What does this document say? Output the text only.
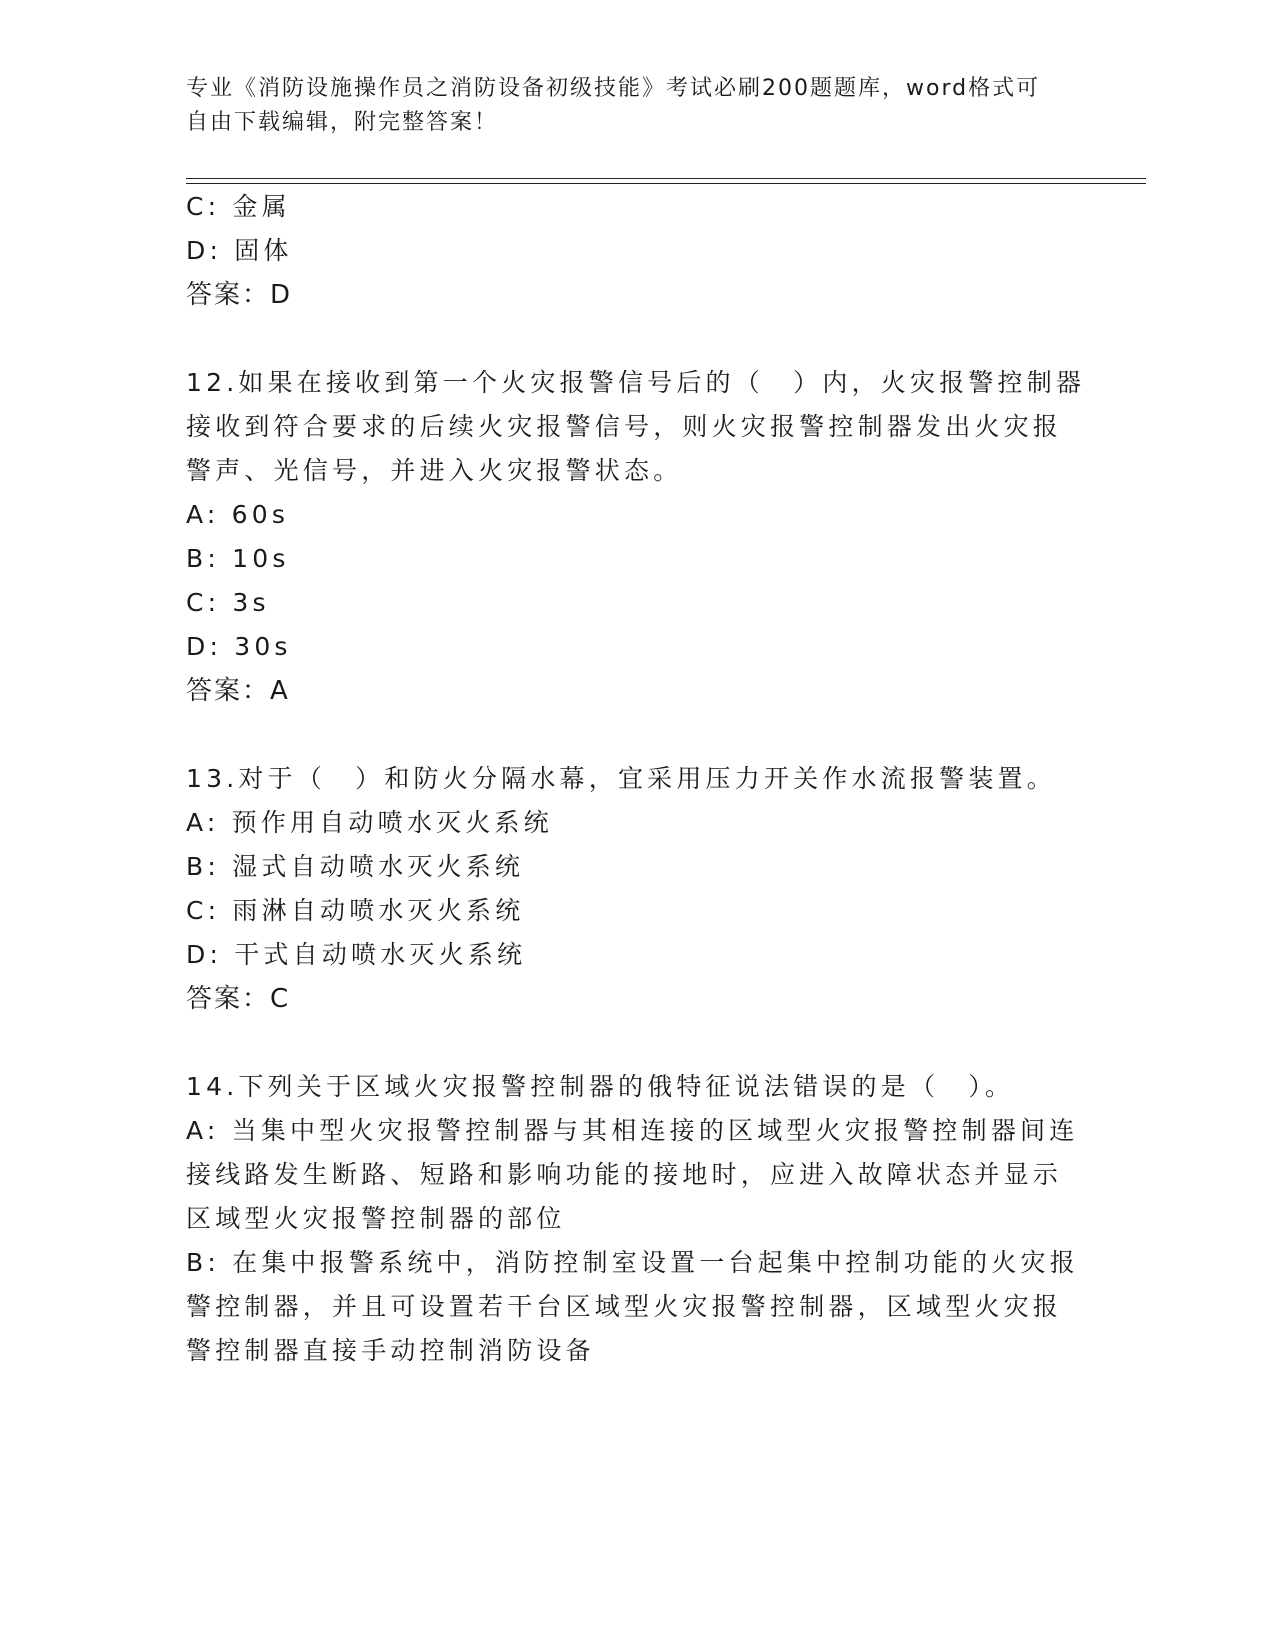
专业《消防设施操作员之消防设备初级技能》考试必刷200题题库，word格式可
自由下载编辑，附完整答案！
C: 金属
D: 固体
答案：D
12.如果在接收到第一个火灾报警信号后的（　）内，火灾报警控制器
接收到符合要求的后续火灾报警信号，则火灾报警控制器发出火灾报
警声、光信号，并进入火灾报警状态。
A: 60s
B: 10s
C: 3s
D: 30s
答案：A
13.对于（　）和防火分隔水幕，宜采用压力开关作水流报警装置。
A: 预作用自动喷水灭火系统
B: 湿式自动喷水灭火系统
C: 雨淋自动喷水灭火系统
D: 干式自动喷水灭火系统
答案：C
14.下列关于区域火灾报警控制器的俄特征说法错误的是（　）。
A: 当集中型火灾报警控制器与其相连接的区域型火灾报警控制器间连
接线路发生断路、短路和影响功能的接地时，应进入故障状态并显示
区域型火灾报警控制器的部位
B: 在集中报警系统中，消防控制室设置一台起集中控制功能的火灾报
警控制器，并且可设置若干台区域型火灾报警控制器，区域型火灾报
警控制器直接手动控制消防设备
